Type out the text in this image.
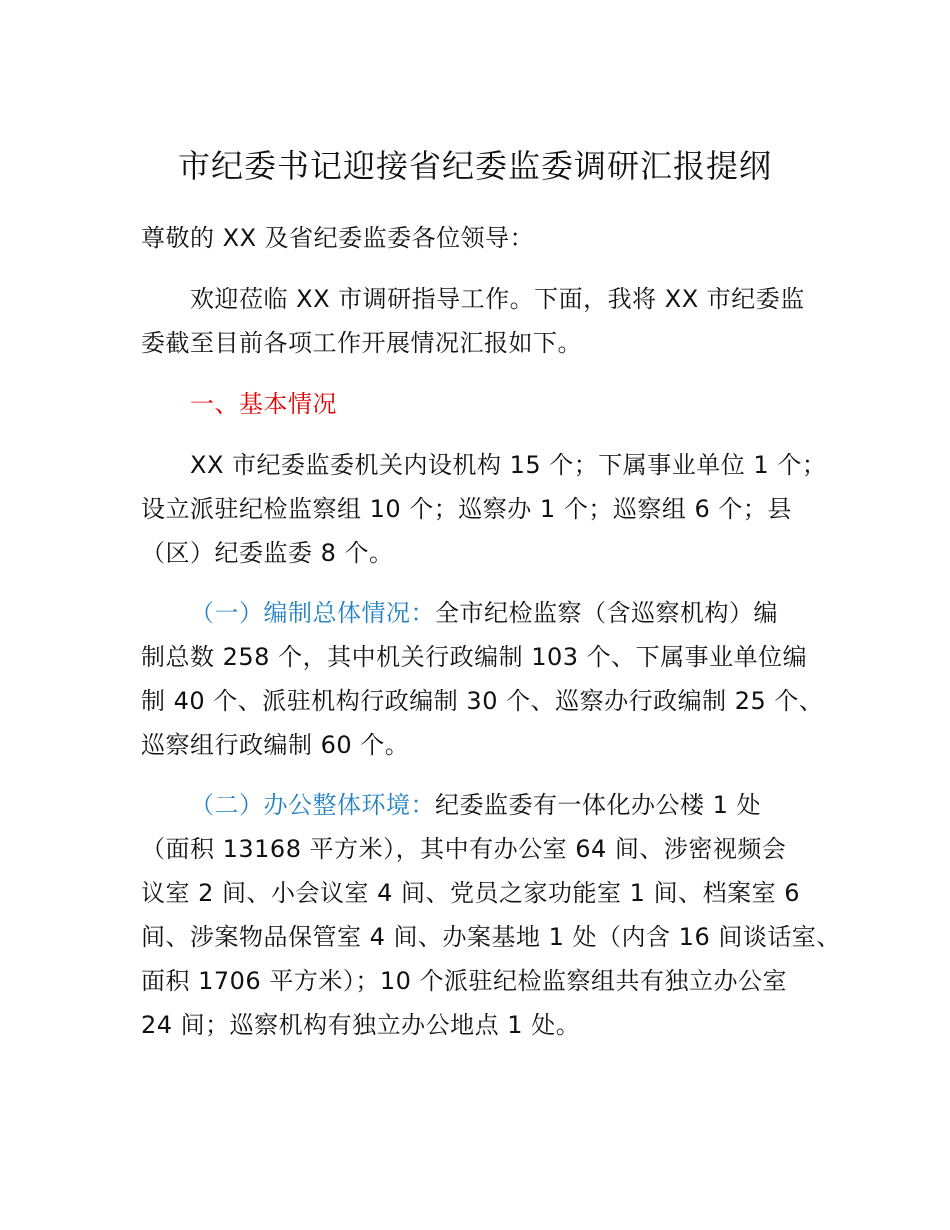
市纪委书记迎接省纪委监委调研汇报提纲
尊敬的 XX 及省纪委监委各位领导：
欢迎莅临 XX 市调研指导工作。下面，我将 XX 市纪委监
委截至目前各项工作开展情况汇报如下。
一、基本情况
XX 市纪委监委机关内设机构 15 个；下属事业单位 1 个；
设立派驻纪检监察组 10 个；巡察办 1 个；巡察组 6 个；县
（区）纪委监委 8 个。
（一）编制总体情况：全市纪检监察（含巡察机构）编
制总数 258 个，其中机关行政编制 103 个、下属事业单位编
制 40 个、派驻机构行政编制 30 个、巡察办行政编制 25 个、
巡察组行政编制 60 个。
（二）办公整体环境：纪委监委有一体化办公楼 1 处
（面积 13168 平方米），其中有办公室 64 间、涉密视频会
议室 2 间、小会议室 4 间、党员之家功能室 1 间、档案室 6
间、涉案物品保管室 4 间、办案基地 1 处（内含 16 间谈话室、
面积 1706 平方米）；10 个派驻纪检监察组共有独立办公室
24 间；巡察机构有独立办公地点 1 处。
